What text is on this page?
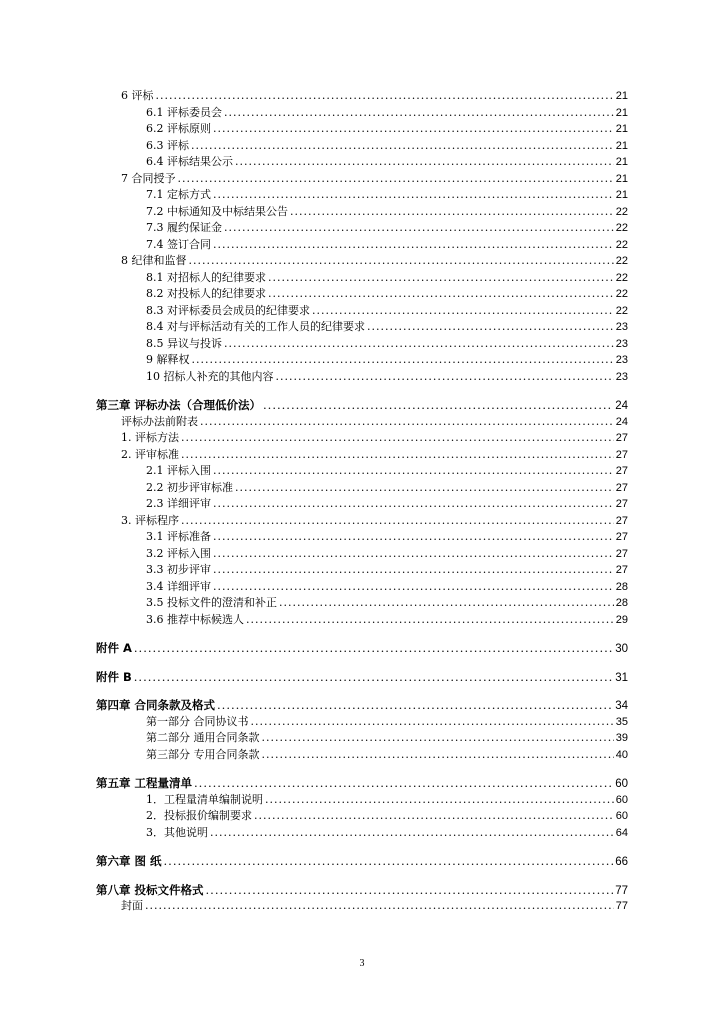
6 评标 .....	21
6.1 评标委员会 .....	21
6.2 评标原则 .....	21
6.3 评标 .....	21
6.4 评标结果公示 .....	21
7 合同授予 .....	21
7.1 定标方式 .....	21
7.2 中标通知及中标结果公告 .....	22
7.3 履约保证金 .....	22
7.4 签订合同 .....	22
8 纪律和监督 .....	22
8.1 对招标人的纪律要求 .....	22
8.2 对投标人的纪律要求 .....	22
8.3 对评标委员会成员的纪律要求 .....	22
8.4 对与评标活动有关的工作人员的纪律要求 .....	23
8.5 异议与投诉 .....	23
9 解释权 .....	23
10 招标人补充的其他内容 .....	23
第三章 评标办法（合理低价法） .....	24
评标办法前附表 .....	24
1. 评标方法 .....	27
2. 评审标准 .....	27
2.1 评标入围 .....	27
2.2 初步评审标准 .....	27
2.3 详细评审 .....	27
3. 评标程序 .....	27
3.1 评标准备 .....	27
3.2 评标入围 .....	27
3.3 初步评审 .....	27
3.4 详细评审 .....	28
3.5 投标文件的澄清和补正 .....	28
3.6 推荐中标候选人 .....	29
附件 A .....	30
附件 B .....	31
第四章 合同条款及格式 .....	34
第一部分 合同协议书 .....	35
第二部分 通用合同条款 .....	39
第三部分 专用合同条款 .....	40
第五章 工程量清单 .....	60
1．工程量清单编制说明 .....	60
2．投标报价编制要求 .....	60
3．其他说明 .....	64
第六章 图 纸 .....	66
第八章 投标文件格式 .....	77
封面 .....	77
3
